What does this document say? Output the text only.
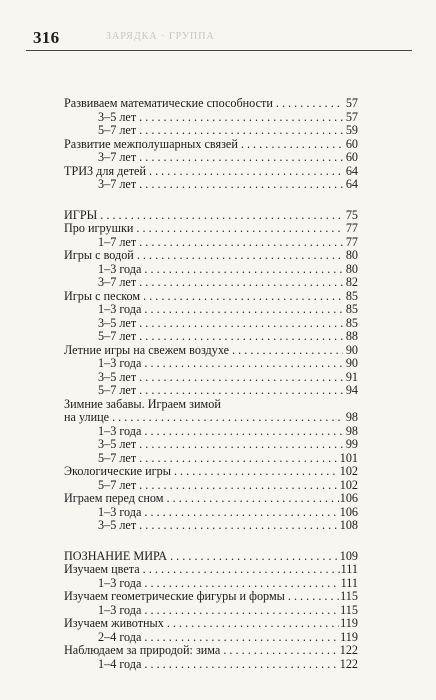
316	ЗАРЯДКА · ГРУППА
Развиваем математические способности . . .	57
3–5 лет . . .	57
5–7 лет . . .	59
Развитие межполушарных связей . . .	60
3–7 лет . . .	60
ТРИЗ для детей . . .	64
3–7 лет . . .	64
ИГРЫ . . .	75
Про игрушки . . .	77
1–7 лет . . .	77
Игры с водой . . .	80
1–3 года . . .	80
3–7 лет . . .	82
Игры с песком . . .	85
1–3 года . . .	85
3–5 лет . . .	85
5–7 лет . . .	88
Летние игры на свежем воздухе . . .	90
1–3 года . . .	90
3–5 лет . . .	91
5–7 лет . . .	94
Зимние забавы. Играем зимой
на улице . . .	98
1–3 года . . .	98
3–5 лет . . .	99
5–7 лет . . .	101
Экологические игры . . .	102
5–7 лет . . .	102
Играем перед сном . . .	106
1–3 года . . .	106
3–5 лет . . .	108
ПОЗНАНИЕ МИРА . . .	109
Изучаем цвета . . .	111
1–3 года . . .	111
Изучаем геометрические фигуры и формы . . .	115
1–3 года . . .	115
Изучаем животных . . .	119
2–4 года . . .	119
Наблюдаем за природой: зима . . .	122
1–4 года . . .	122
